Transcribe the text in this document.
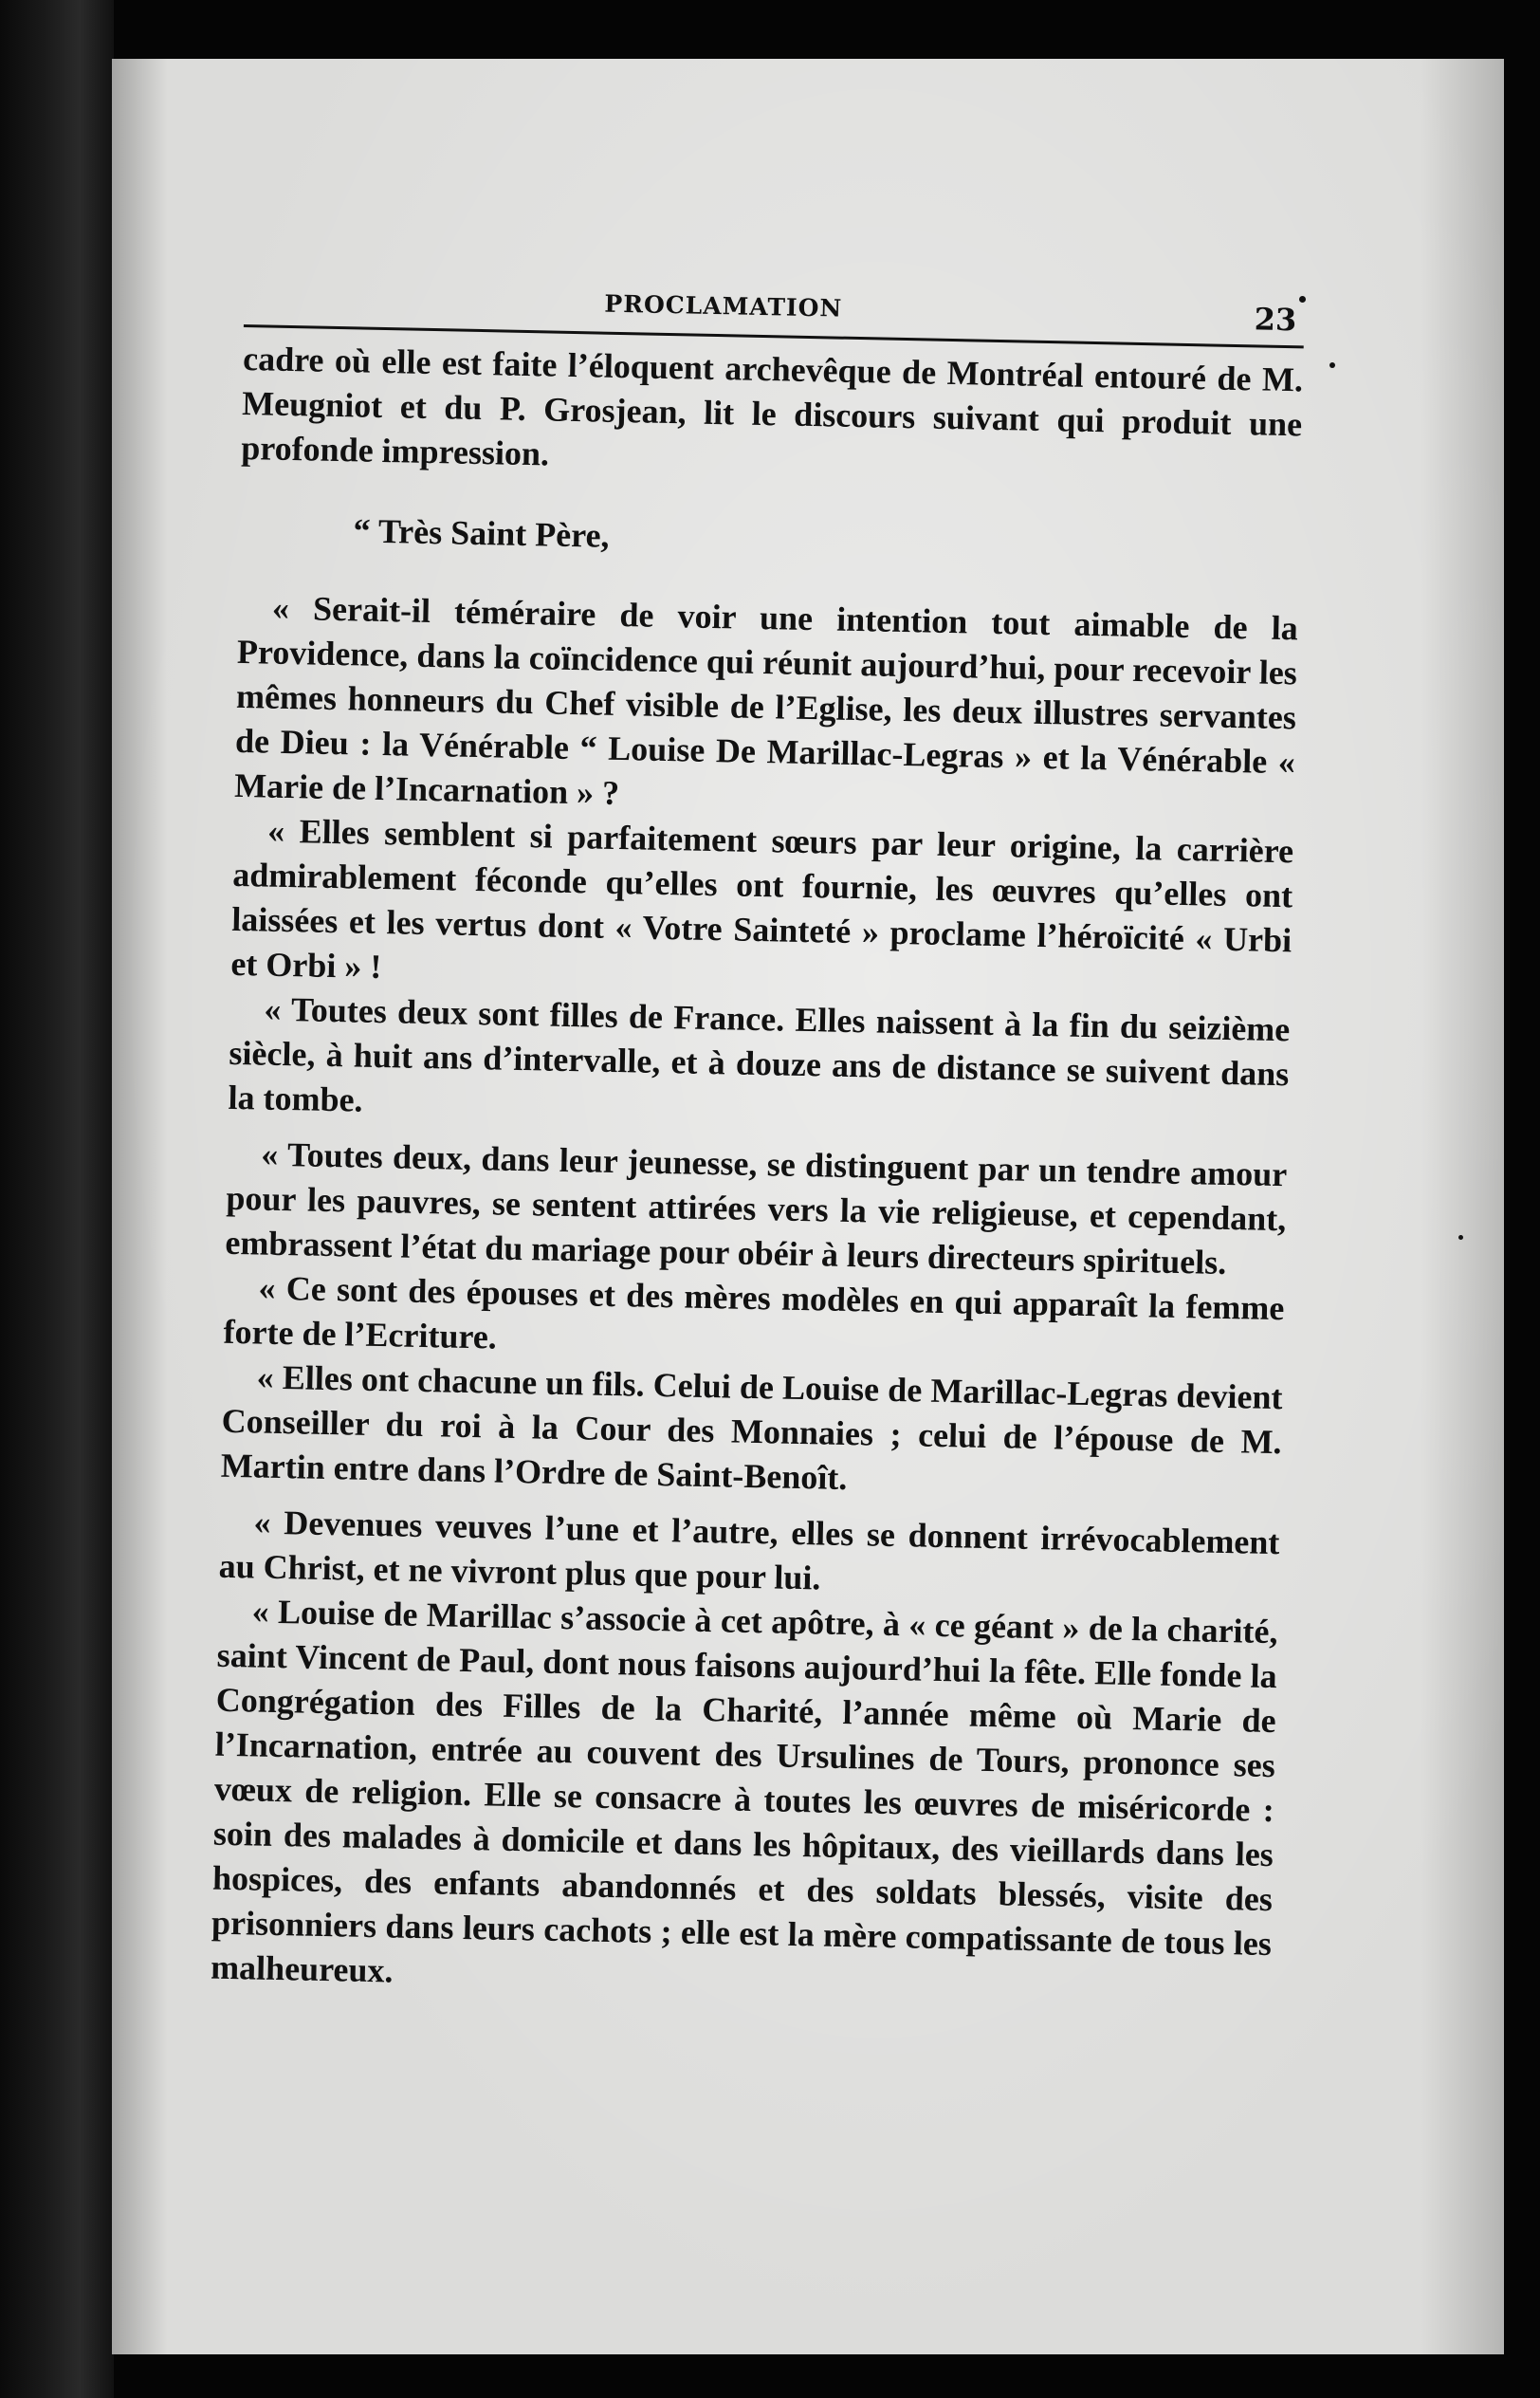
PROCLAMATION	23

cadre où elle est faite l’éloquent archevêque de Montréal entouré de M. Meugniot et du P. Grosjean, lit le discours suivant qui produit une profonde impression.

“ Très Saint Père,

« Serait-il téméraire de voir une intention tout aimable de la Providence, dans la coïncidence qui réunit aujourd’hui, pour recevoir les mêmes honneurs du Chef visible de l’Eglise, les deux illustres servantes de Dieu : la Vénérable “ Louise De Marillac-Legras » et la Vénérable « Marie de l’Incarnation » ?

« Elles semblent si parfaitement sœurs par leur origine, la carrière admirablement féconde qu’elles ont fournie, les œuvres qu’elles ont laissées et les vertus dont « Votre Sainteté » proclame l’héroïcité « Urbi et Orbi » !

« Toutes deux sont filles de France. Elles naissent à la fin du seizième siècle, à huit ans d’intervalle, et à douze ans de distance se suivent dans la tombe.

« Toutes deux, dans leur jeunesse, se distinguent par un tendre amour pour les pauvres, se sentent attirées vers la vie religieuse, et cependant, embrassent l’état du mariage pour obéir à leurs directeurs spirituels.

« Ce sont des épouses et des mères modèles en qui apparaît la femme forte de l’Ecriture.

« Elles ont chacune un fils. Celui de Louise de Marillac-Legras devient Conseiller du roi à la Cour des Monnaies ; celui de l’épouse de M. Martin entre dans l’Ordre de Saint-Benoît.

« Devenues veuves l’une et l’autre, elles se donnent irrévocablement au Christ, et ne vivront plus que pour lui.

« Louise de Marillac s’associe à cet apôtre, à « ce géant » de la charité, saint Vincent de Paul, dont nous faisons aujourd’hui la fête. Elle fonde la Congrégation des Filles de la Charité, l’année même où Marie de l’Incarnation, entrée au couvent des Ursulines de Tours, prononce ses vœux de religion. Elle se consacre à toutes les œuvres de miséricorde : soin des malades à domicile et dans les hôpitaux, des vieillards dans les hospices, des enfants abandonnés et des soldats blessés, visite des prisonniers dans leurs cachots ; elle est la mère compatissante de tous les malheureux.
